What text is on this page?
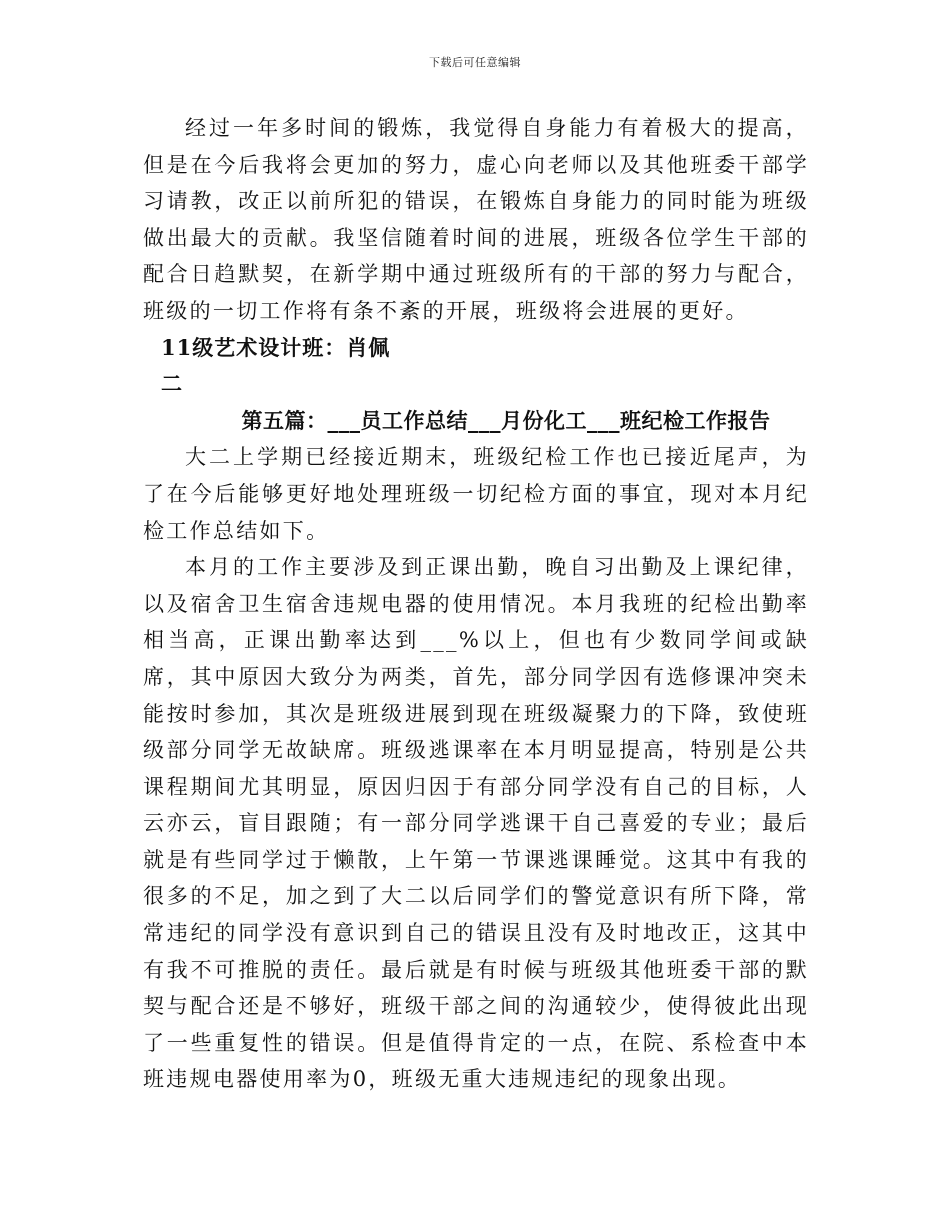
下载后可任意编辑

经过一年多时间的锻炼，我觉得自身能力有着极大的提高，但是在今后我将会更加的努力，虚心向老师以及其他班委干部学习请教，改正以前所犯的错误，在锻炼自身能力的同时能为班级做出最大的贡献。我坚信随着时间的进展，班级各位学生干部的配合日趋默契，在新学期中通过班级所有的干部的努力与配合，班级的一切工作将有条不紊的开展，班级将会进展的更好。

11级艺术设计班：肖佩

二

第五篇：___员工作总结___月份化工___班纪检工作报告

大二上学期已经接近期末，班级纪检工作也已接近尾声，为了在今后能够更好地处理班级一切纪检方面的事宜，现对本月纪检工作总结如下。

本月的工作主要涉及到正课出勤，晚自习出勤及上课纪律，以及宿舍卫生宿舍违规电器的使用情况。本月我班的纪检出勤率相当高，正课出勤率达到___%以上，但也有少数同学间或缺席，其中原因大致分为两类，首先，部分同学因有选修课冲突未能按时参加，其次是班级进展到现在班级凝聚力的下降，致使班级部分同学无故缺席。班级逃课率在本月明显提高，特别是公共课程期间尤其明显，原因归因于有部分同学没有自己的目标，人云亦云，盲目跟随；有一部分同学逃课干自己喜爱的专业；最后就是有些同学过于懒散，上午第一节课逃课睡觉。这其中有我的很多的不足，加之到了大二以后同学们的警觉意识有所下降，常常违纪的同学没有意识到自己的错误且没有及时地改正，这其中有我不可推脱的责任。最后就是有时候与班级其他班委干部的默契与配合还是不够好，班级干部之间的沟通较少，使得彼此出现了一些重复性的错误。但是值得肯定的一点，在院、系检查中本班违规电器使用率为0，班级无重大违规违纪的现象出现。
